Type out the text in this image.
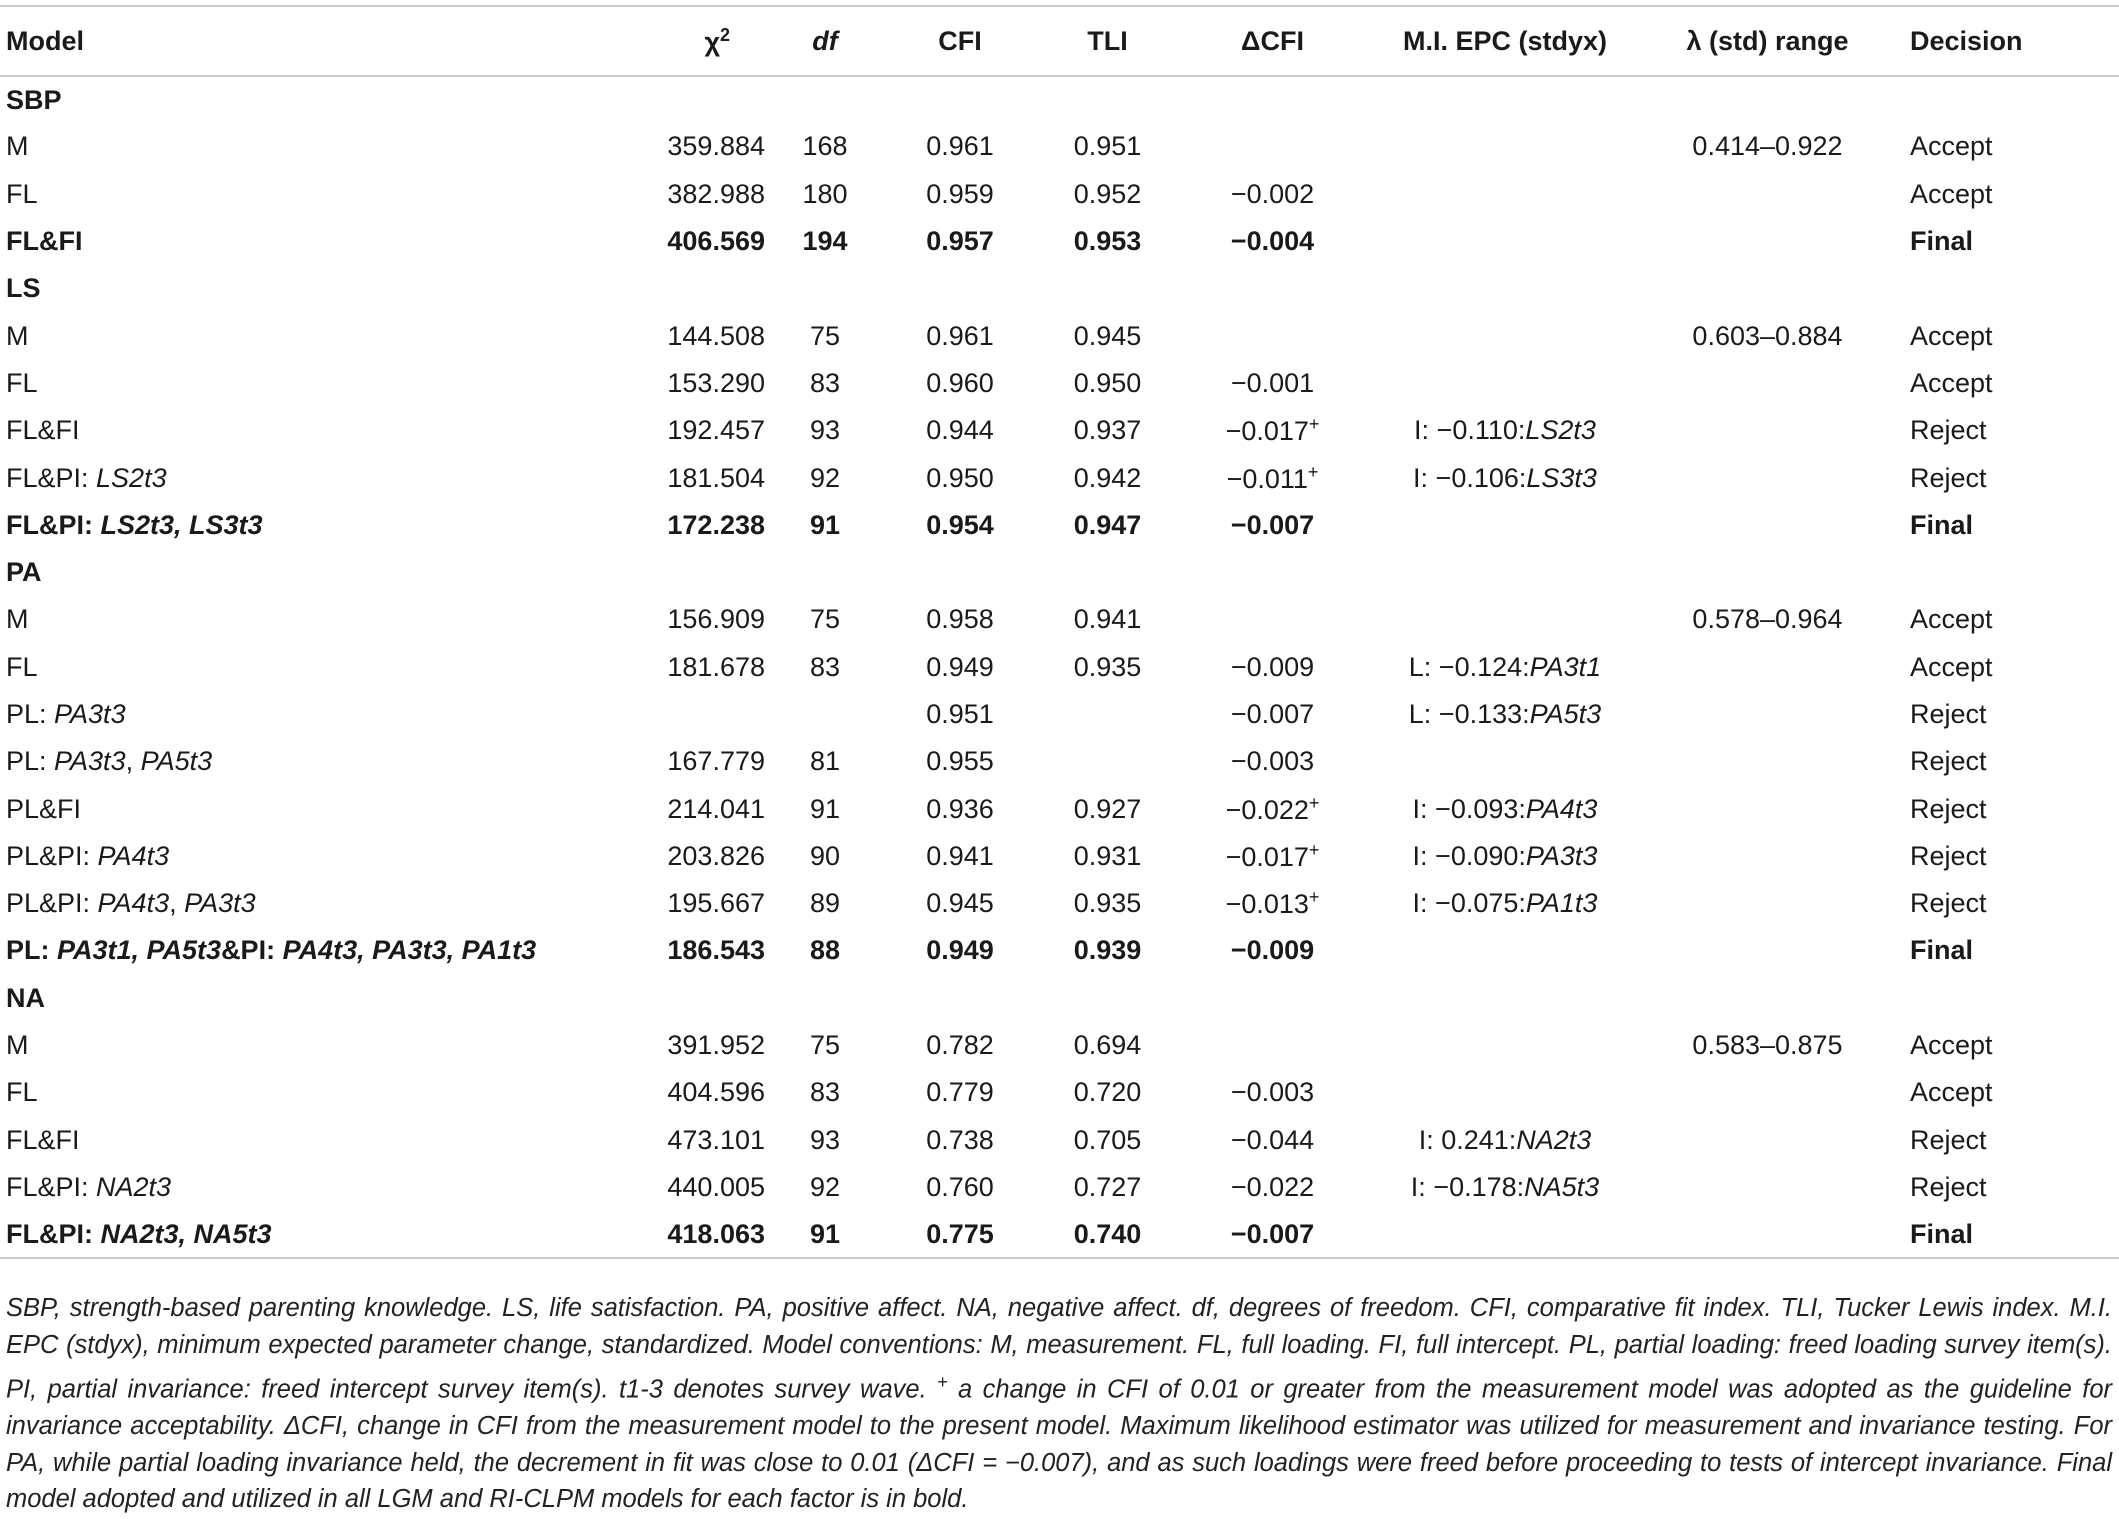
Model	$\chi^2$	df	CFI	TLI	ΔCFI	M.I. EPC (stdyx)	λ (std) range	Decision
SBP								
M	359.884	168	0.961	0.951			0.414–0.922	Accept
FL	382.988	180	0.959	0.952	−0.002			Accept
FL&FI	406.569	194	0.957	0.953	−0.004			Final
LS								
M	144.508	75	0.961	0.945			0.603–0.884	Accept
FL	153.290	83	0.960	0.950	−0.001			Accept
FL&FI	192.457	93	0.944	0.937	−0.017+	I: −0.110:LS2t3		Reject
FL&PI: LS2t3	181.504	92	0.950	0.942	−0.011+	I: −0.106:LS3t3		Reject
FL&PI: LS2t3, LS3t3	172.238	91	0.954	0.947	−0.007			Final
PA								
M	156.909	75	0.958	0.941			0.578–0.964	Accept
FL	181.678	83	0.949	0.935	−0.009	L: −0.124:PA3t1		Accept
PL: PA3t3			0.951		−0.007	L: −0.133:PA5t3		Reject
PL: PA3t3, PA5t3	167.779	81	0.955		−0.003			Reject
PL&FI	214.041	91	0.936	0.927	−0.022+	I: −0.093:PA4t3		Reject
PL&PI: PA4t3	203.826	90	0.941	0.931	−0.017+	I: −0.090:PA3t3		Reject
PL&PI: PA4t3, PA3t3	195.667	89	0.945	0.935	−0.013+	I: −0.075:PA1t3		Reject
PL: PA3t1, PA5t3&PI: PA4t3, PA3t3, PA1t3	186.543	88	0.949	0.939	−0.009			Final
NA								
M	391.952	75	0.782	0.694			0.583–0.875	Accept
FL	404.596	83	0.779	0.720	−0.003			Accept
FL&FI	473.101	93	0.738	0.705	−0.044	I: 0.241:NA2t3		Reject
FL&PI: NA2t3	440.005	92	0.760	0.727	−0.022	I: −0.178:NA5t3		Reject
FL&PI: NA2t3, NA5t3	418.063	91	0.775	0.740	−0.007			Final
SBP, strength-based parenting knowledge. LS, life satisfaction. PA, positive affect. NA, negative affect. df, degrees of freedom. CFI, comparative fit index. TLI, Tucker Lewis index. M.I. EPC (stdyx), minimum expected parameter change, standardized. Model conventions: M, measurement. FL, full loading. FI, full intercept. PL, partial loading: freed loading survey item(s). PI, partial invariance: freed intercept survey item(s). t1-3 denotes survey wave. + a change in CFI of 0.01 or greater from the measurement model was adopted as the guideline for invariance acceptability. ΔCFI, change in CFI from the measurement model to the present model. Maximum likelihood estimator was utilized for measurement and invariance testing. For PA, while partial loading invariance held, the decrement in fit was close to 0.01 (ΔCFI = −0.007), and as such loadings were freed before proceeding to tests of intercept invariance. Final model adopted and utilized in all LGM and RI-CLPM models for each factor is in bold.
